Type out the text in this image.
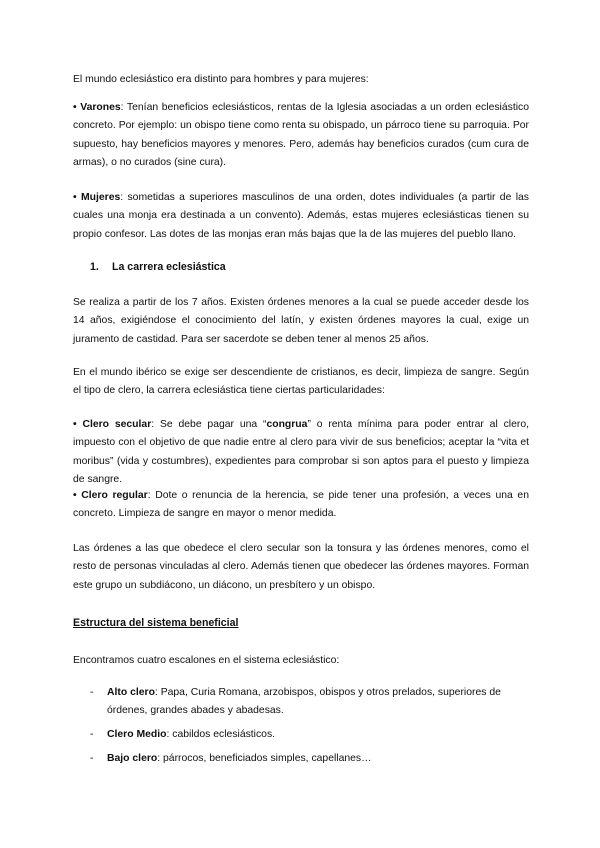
El mundo eclesiástico era distinto para hombres y para mujeres:

• Varones: Tenían beneficios eclesiásticos, rentas de la Iglesia asociadas a un orden eclesiástico concreto. Por ejemplo: un obispo tiene como renta su obispado, un párroco tiene su parroquia. Por supuesto, hay beneficios mayores y menores. Pero, además hay beneficios curados (cum cura de armas), o no curados (sine cura).

• Mujeres: sometidas a superiores masculinos de una orden, dotes individuales (a partir de las cuales una monja era destinada a un convento). Además, estas mujeres eclesiásticas tienen su propio confesor. Las dotes de las monjas eran más bajas que la de las mujeres del pueblo llano.

1. La carrera eclesiástica

Se realiza a partir de los 7 años. Existen órdenes menores a la cual se puede acceder desde los 14 años, exigiéndose el conocimiento del latín, y existen órdenes mayores la cual, exige un juramento de castidad. Para ser sacerdote se deben tener al menos 25 años.

En el mundo ibérico se exige ser descendiente de cristianos, es decir, limpieza de sangre. Según el tipo de clero, la carrera eclesiástica tiene ciertas particularidades:

• Clero secular: Se debe pagar una “congrua” o renta mínima para poder entrar al clero, impuesto con el objetivo de que nadie entre al clero para vivir de sus beneficios; aceptar la “vita et moribus” (vida y costumbres), expedientes para comprobar si son aptos para el puesto y limpieza de sangre.

• Clero regular: Dote o renuncia de la herencia, se pide tener una profesión, a veces una en concreto. Limpieza de sangre en mayor o menor medida.

Las órdenes a las que obedece el clero secular son la tonsura y las órdenes menores, como el resto de personas vinculadas al clero. Además tienen que obedecer las órdenes mayores. Forman este grupo un subdiácono, un diácono, un presbítero y un obispo.

Estructura del sistema beneficial

Encontramos cuatro escalones en el sistema eclesiástico:

- Alto clero: Papa, Curia Romana, arzobispos, obispos y otros prelados, superiores de órdenes, grandes abades y abadesas.
- Clero Medio: cabildos eclesiásticos.
- Bajo clero: párrocos, beneficiados simples, capellanes…
